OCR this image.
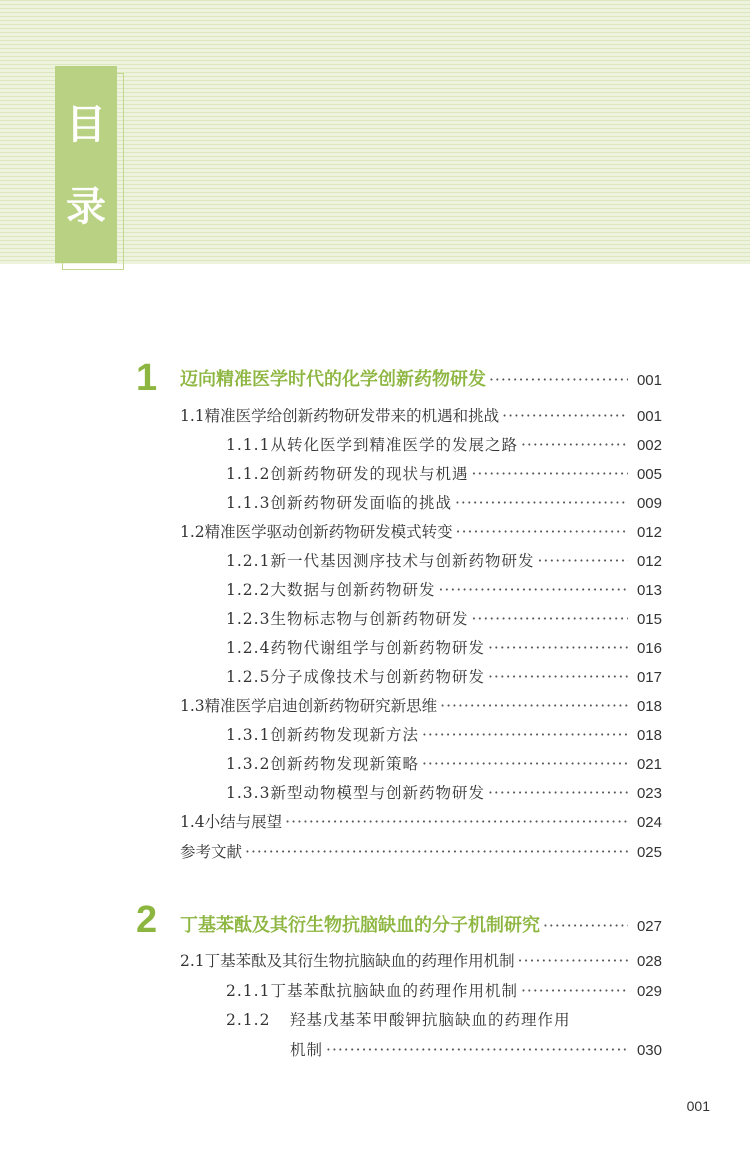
目
录
1 迈向精准医学时代的化学创新药物研发 ·····	001
1.1 精准医学给创新药物研发带来的机遇和挑战 ·····	001
1.1.1 从转化医学到精准医学的发展之路 ·····	002
1.1.2 创新药物研发的现状与机遇 ·····	005
1.1.3 创新药物研发面临的挑战 ·····	009
1.2 精准医学驱动创新药物研发模式转变 ·····	012
1.2.1 新一代基因测序技术与创新药物研发 ·····	012
1.2.2 大数据与创新药物研发 ·····	013
1.2.3 生物标志物与创新药物研发 ·····	015
1.2.4 药物代谢组学与创新药物研发 ·····	016
1.2.5 分子成像技术与创新药物研发 ·····	017
1.3 精准医学启迪创新药物研究新思维 ·····	018
1.3.1 创新药物发现新方法 ·····	018
1.3.2 创新药物发现新策略 ·····	021
1.3.3 新型动物模型与创新药物研发 ·····	023
1.4 小结与展望 ·····	024
参考文献 ·····	025
2 丁基苯酞及其衍生物抗脑缺血的分子机制研究 ·····	027
2.1 丁基苯酞及其衍生物抗脑缺血的药理作用机制 ·····	028
2.1.1 丁基苯酞抗脑缺血的药理作用机制 ·····	029
2.1.2	羟基戊基苯甲酸钾抗脑缺血的药理作用
机制 ·····	030
001
